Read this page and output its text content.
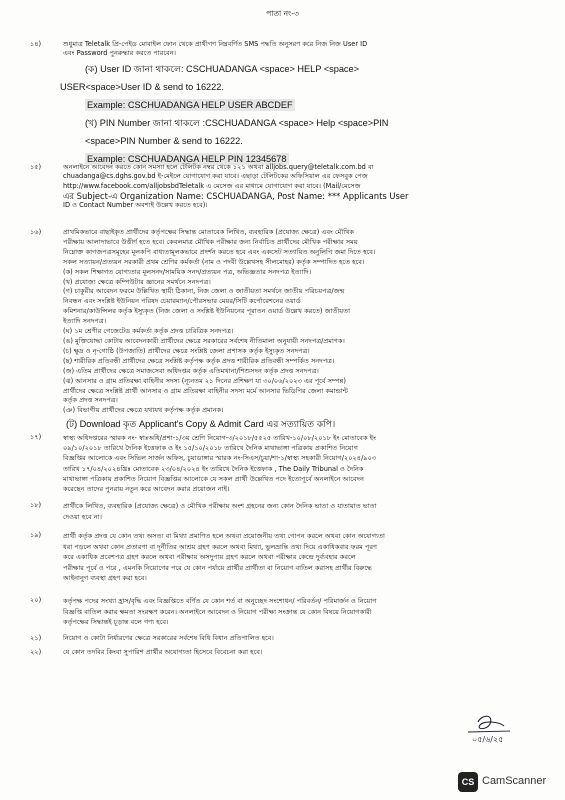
পাতা নং-৩
১৪)	শুধুমাত্র Teletalk প্রি-পেইড মোবাইল ফোন থেকে প্রাথীগণ নিম্নবর্ণিত SMS পদ্ধতি অনুসরণ করে নিজ নিজ User ID
এবং Password পুনরুদ্ধার করতে পারবেন।
(ক) User ID জানা থাকলে: CSCHUADANGA <space> HELP <space>
USER<space>User ID & send to 16222.
Example: CSCHUADANGA HELP USER ABCDEF
(খ) PIN Number জানা থাকলে :CSCHUADANGA <space> Help <space>PIN
<space>PIN Number & send to 16222.
Example: CSCHUADANGA HELP PIN 12345678
১৫)	অনলাইনে আবেদন করতে কোন সমস্যা হলে টেলিটক নম্বর থেকে ১২১ অথবা alljobs.query@teletalk.com.bd বা
chuadanga@cs.dghs.gov.bd ই-মেইলে যোগাযোগ করা যাবে। এছাড়া টেলিটকের অফিসিয়াল এর ফেসবুক পেজ
http://www.facebook.com/alljobsbdTeletalk এ মেসেজ এর মাধ্যমে যোগাযোগ করা যাবে। (Mail/মেসেজ
এর Subject-এ Organization Name: CSCHUADANGA, Post Name: *** Applicants User
ID ও Contact Number অবশ্যই উল্লেখ করতে হবে)।
১৬)	প্রাথমিকভাবে বাছাইকৃত প্রার্থীদের কর্তৃপক্ষের সিদ্ধান্ত মোতাবেক লিখিত, ব্যবহারিক (প্রযোজ্য ক্ষেত্রে) এবং মৌখিক
পরীক্ষায় আলাদাভাবে উত্তীর্ণ হতে হবে। কেবলমাত্র মৌখিক পরীক্ষার জন্য নির্বাচিত প্রার্থীদের মৌখিক পরীক্ষার সময়
নিম্নোক্ত কাগজপত্রসমূহের মূলকপি বাধ্যতামূলকভাবে প্রদর্শন করতে হবে এবং একসেট সত্যায়িত অনুলিপি জমা দিতে হবে।
সকল সত্যায়ন/প্রত্যয়ন সরকারী প্রথম শ্রেণির কর্মকর্তা (নাম ও পদবী উল্লেখসহ সীলমোহর) কর্তৃক সম্পাদিত হতে হবে।
(ক) সকল শিক্ষাগত যোগ্যতার মূলসনদ/সাময়িক সনদ/প্রত্যয়ন পত্র, অভিজ্ঞতার সনদপত্র ইত্যাদি।
(খ) প্রযোজ্য ক্ষেত্রে কম্পিউটার জ্ঞানের সমর্থনে সনদপত্র।
(গ) চাকুরীর আবেদন ফরমে উল্লিখিত স্থায়ী ঠিকানা, নিজ জেলা ও জাতীয়তা সমর্থনে জাতীয় পরিচয়পত্র/জন্ম
নিবন্ধন এবং সংশ্লিষ্ট ইউনিয়ন পরিষদ চেয়ারম্যান/পৌরসভার মেয়র/সিটি কর্পোরেশনের ওয়ার্ড
কমিশনার/কাউন্সিলর কর্তৃক ইস্যুকৃত (নিজ জেলা ও সংশ্লিষ্ট ইউনিয়নের পূরাতন ওয়ার্ড উল্লেখ করতে) জাতীয়তা
ইত্যাদি সনদপত্র।
(ঘ) ১ম শ্রেণীর গেজেটেড কর্মকর্তা কর্তৃক প্রদত্ত চারিত্রিক সনদপত্র।
(ঙ) মুক্তিযোদ্ধা কোটায় আবেদনকারী প্রার্থীদের ক্ষেত্রে সরকারের সর্বশেষ নীতিমালা অনুযায়ী সনদপত্র/প্রমাণক।
(চ) ক্ষুদ্র ও নৃ-গোষ্ঠি (উপজাতি) প্রার্থীদের ক্ষেত্রে সংশ্লিষ্ট জেলা প্রশাসক কর্তৃক ইস্যুকৃত সনদপত্র।
(ছ) শারীরিক প্রতিবন্ধী প্রার্থীদের ক্ষেত্রে সংশ্লিষ্ট কর্তৃপক্ষ কর্তৃক প্রদত্ত শারীরিক প্রতিবন্ধী সম্পর্কিত সনদপত্র।
(জ) এতিম প্রার্থীদের ক্ষেত্রে সমাজসেবা অধিদপ্তর কর্তৃক এতিমখানা/শিশুসদন কর্তৃক প্রদত্ত সনদপত্র।
(ঝ) আনসার ও গ্রাম প্রতিরক্ষা বাহিনীর সদস্য (ন্যূনতম ২১ দিনের প্রশিক্ষণ যা ৩০/০৬/২০২৩ এর পূর্বে সম্পন্ন)
প্রার্থীদের ক্ষেত্রে সংশ্লিষ্ট প্রার্থী আনসার ও গ্রাম প্রতিরক্ষা বাহিনীর সদস্য মর্মে আনসার ভিডিপির জেলা কমান্ডান্ট
কর্তৃক প্রদত্ত সনদপত্র।
(ঞ) বিভাগীয় প্রার্থীদের ক্ষেত্রে যথাযথ কর্তৃপক্ষ কর্তৃক প্রমানক।
(ট) Download কৃত Applicant's Copy & Admit Card এর সত্যায়িত কপি।
১৭)	স্বাস্থ্য অধিদপ্তরের স্মারক নং- স্বাঃঅধি/প্রশা-১/৩য় শ্রেণি নিয়োগ-৩/২০১৮/৫৫২৫ তারিখ-১০/০৮/২০১৮ ইং মোতাবেক ইং
০৯/১০/২০১৮ তারিখে দৈনিক ইত্তেফাক ও ইং ১৫/১০/২০১৮ তারিখে দৈনিক মাথাভাঙ্গা পত্রিকায় প্রকাশিত নিয়োগ
বিজ্ঞপ্তির আলোকে এবং সিভিল সার্জন অফিস, চুয়াডাঙ্গার স্মারক নং-সিএস/চুয়া/শা-১/স্বাস্থ্য সহকারী নিয়োগ/২০২৪/৯০৩
তারিখ ১৭/০৪/২০২৪খ্রিঃ মোতাবেক ২৩/০৪/২০২৪ ইং তারিখে দৈনিক ইত্তেফাক , The Daily Tribunal ও দৈনিক
মাথাভাঙ্গা পত্রিকায় প্রকাশিত নিয়োগ বিজ্ঞপ্তির আলোকে যে সকল প্রার্থী উল্লেখিত পদে ইতোপূর্বে অনলাইনে আবেদন
করেছেন তাদের পুনরায় নতুন করে আবেদন করার প্রয়োজন নাই।
১৮)	প্রার্থীকে লিখিত, ব্যবহারিক (প্রযোজ্য ক্ষেত্রে) ও মৌখিক পরীক্ষায় অংশ গ্রহনের জন্য কোন দৈনিক ভাতা ও যাতায়াত ভাতা
দেওয়া হবে না।
১৯)	প্রার্থী কর্তৃক প্রদত্ত যে কোন তথ্য অসত্য বা মিথ্যা প্রমাণিত হলে অথবা প্রয়োজনীয় তথ্য গোপন করলে অথবা কোন অযোগ্যতা
ধরা পড়লে অথবা কোন প্রতারণা বা দূর্নীতির আশ্রয় গ্রহণ করলে অথবা মিথ্যা, ভুলভ্রান্তি তথ্য দিয়ে একাধিকবার ফরম পূরণ
করে একাধিক প্রবেশপত্র গ্রহণ করলে অথবা পরীক্ষায় অসদুপায় গ্রহণ করলে অথবা পরীক্ষার কেন্দ্রে দুর্ব্যবহার করলে
পরীক্ষার পূর্বে ও পরে , এমনকি নিয়োগের পরে যে কোন পর্যায়ে প্রার্থীর প্রার্থীতা বা নিয়োগ বাতিল করাসহ প্রার্থীর বিরুদ্ধে
আইনানুগ ব্যবস্থা গ্রহণ করা হবে।
২০)	কর্তৃপক্ষ পদের সংখ্যা হ্রাস/বৃদ্ধি এবং বিজ্ঞপ্তিতে বর্ণিত যে কোন শর্ত বা অনুচ্ছেদ সংশোধন/ পরিবর্তন/ পরিমার্জন ও নিয়োগ
বিজ্ঞপ্তি বাতিল করার ক্ষমতা সংরক্ষণ করেন। অনলাইনে আবেদন ও নিয়োগ পরীক্ষা সংক্রান্ত যে কোন বিষয়ে নিয়োগকারী
কর্তৃপক্ষের সিদ্ধান্তই চূড়ান্ত বলে গণ্য হবে।
২১)	নিয়োগ ও কোটা নির্ধারণের ক্ষেত্রে সরকারের সর্বশেষ বিধি বিধান প্রতিপালিত হবে।
২২)	যে কোন তদবির কিংবা সুপারিশ প্রার্থীর অযোগ্যতা হিসেবে বিবেচনা করা হবে।
০৫/৬/২৫
CS CamScanner
